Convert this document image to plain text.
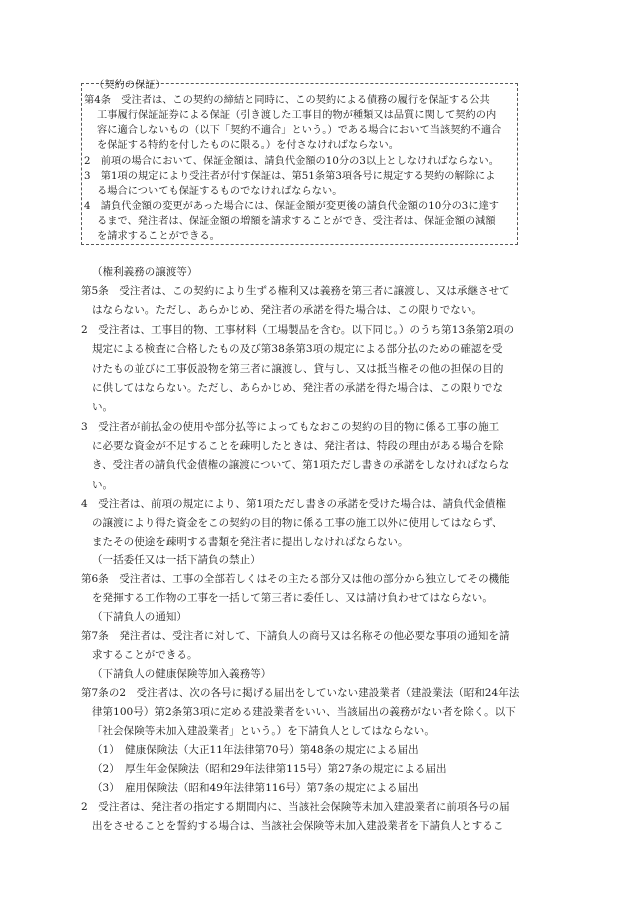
（契約の保証）
第4条　受注者は、この契約の締結と同時に、この契約による債務の履行を保証する公共
工事履行保証証券による保証（引き渡した工事目的物が種類又は品質に関して契約の内
容に適合しないもの（以下「契約不適合」という。）である場合において当該契約不適合
を保証する特約を付したものに限る。）を付さなければならない。
2　前項の場合において、保証金額は、請負代金額の10分の3以上としなければならない。
3　第1項の規定により受注者が付す保証は、第51条第3項各号に規定する契約の解除によ
る場合についても保証するものでなければならない。
4　請負代金額の変更があった場合には、保証金額が変更後の請負代金額の10分の3に達す
るまで、発注者は、保証金額の増額を請求することができ、受注者は、保証金額の減額
を請求することができる。
（権利義務の譲渡等）
第5条　受注者は、この契約により生ずる権利又は義務を第三者に譲渡し、又は承継させて
はならない。ただし、あらかじめ、発注者の承諾を得た場合は、この限りでない。
2　受注者は、工事目的物、工事材料（工場製品を含む。以下同じ。）のうち第13条第2項の
規定による検査に合格したもの及び第38条第3項の規定による部分払のための確認を受
けたもの並びに工事仮設物を第三者に譲渡し、貸与し、又は抵当権その他の担保の目的
に供してはならない。ただし、あらかじめ、発注者の承諾を得た場合は、この限りでな
い。
3　受注者が前払金の使用や部分払等によってもなおこの契約の目的物に係る工事の施工
に必要な資金が不足することを疎明したときは、発注者は、特段の理由がある場合を除
き、受注者の請負代金債権の譲渡について、第1項ただし書きの承諾をしなければならな
い。
4　受注者は、前項の規定により、第1項ただし書きの承諾を受けた場合は、請負代金債権
の譲渡により得た資金をこの契約の目的物に係る工事の施工以外に使用してはならず、
またその使途を疎明する書類を発注者に提出しなければならない。
（一括委任又は一括下請負の禁止）
第6条　受注者は、工事の全部若しくはその主たる部分又は他の部分から独立してその機能
を発揮する工作物の工事を一括して第三者に委任し、又は請け負わせてはならない。
（下請負人の通知）
第7条　発注者は、受注者に対して、下請負人の商号又は名称その他必要な事項の通知を請
求することができる。
（下請負人の健康保険等加入義務等）
第7条の2　受注者は、次の各号に掲げる届出をしていない建設業者（建設業法（昭和24年法
律第100号）第2条第3項に定める建設業者をいい、当該届出の義務がない者を除く。以下
「社会保険等未加入建設業者」という。）を下請負人としてはならない。
（1）　健康保険法（大正11年法律第70号）第48条の規定による届出
（2）　厚生年金保険法（昭和29年法律第115号）第27条の規定による届出
（3）　雇用保険法（昭和49年法律第116号）第7条の規定による届出
2　受注者は、発注者の指定する期間内に、当該社会保険等未加入建設業者に前項各号の届
出をさせることを誓約する場合は、当該社会保険等未加入建設業者を下請負人とするこ
